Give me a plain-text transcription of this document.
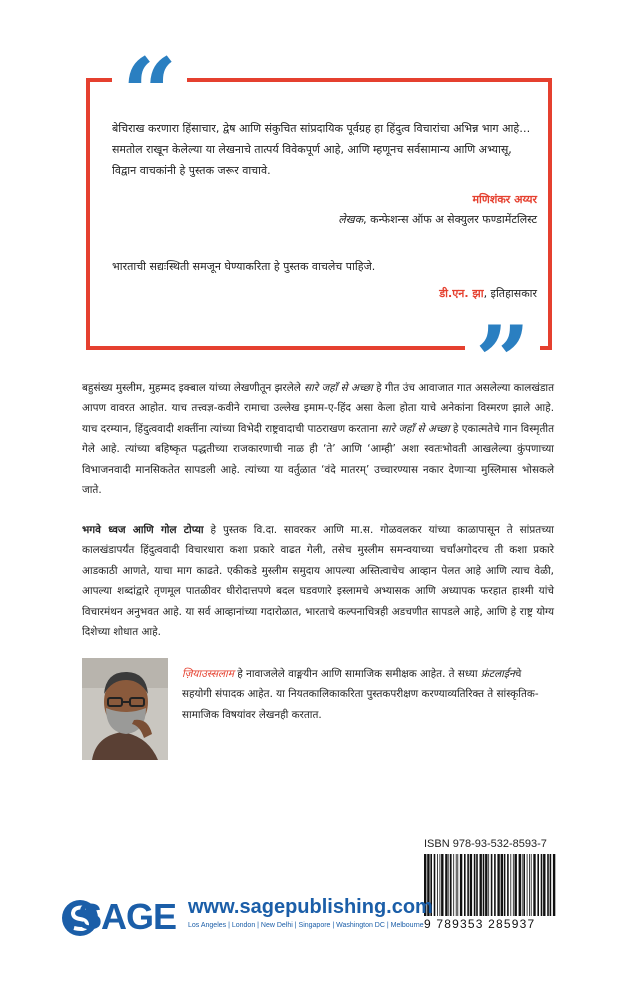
“

बेचिराख करणारा हिंसाचार, द्वेष आणि संकुचित सांप्रदायिक पूर्वग्रह हा हिंदुत्व विचारांचा अभिन्न भाग आहे… समतोल राखून केलेल्या या लेखनाचे तात्पर्य विवेकपूर्ण आहे, आणि म्हणूनच सर्वसामान्य आणि अभ्यासू, विद्वान वाचकांनी हे पुस्तक जरूर वाचावे.

मणिशंकर अय्यर
लेखक, कन्फेशन्स ऑफ अ सेक्युलर फण्डामेंटलिस्ट

भारताची सद्यःस्थिती समजून घेण्याकरिता हे पुस्तक वाचलेच पाहिजे.

डी.एन. झा, इतिहासकार

बहुसंख्य मुस्लीम, मुहम्मद इक्बाल यांच्या लेखणीतून झरलेले सारे जहाँ से अच्छा हे गीत उंच आवाजात गात असलेल्या कालखंडात आपण वावरत आहोत. याच तत्त्वज्ञ-कवीने रामाचा उल्लेख इमाम-ए-हिंद असा केला होता याचे अनेकांना विस्मरण झाले आहे. याच दरम्यान, हिंदुत्ववादी शक्तींना त्यांच्या विभेदी राष्ट्रवादाची पाठराखण करताना सारे जहाँ से अच्छा हे एकात्मतेचे गान विस्मृतीत गेले आहे. त्यांच्या बहिष्कृत पद्धतीच्या राजकारणाची नाळ ही ‘ते’ आणि ‘आम्ही’ अशा स्वतःभोवती आखलेल्या कुंपणाच्या विभाजनवादी मानसिकतेत सापडली आहे. त्यांच्या या वर्तुळात ‘वंदे मातरम्’ उच्चारण्यास नकार देणाऱ्या मुस्लिमास भोसकले जाते.

भगवे ध्वज आणि गोल टोप्या हे पुस्तक वि.दा. सावरकर आणि मा.स. गोळवलकर यांच्या काळापासून ते सांप्रतच्या कालखंडापर्यंत हिंदुत्ववादी विचारधारा कशा प्रकारे वाढत गेली, तसेच मुस्लीम समन्वयाच्या चर्चांअगोदरच ती कशा प्रकारे आडकाठी आणते, याचा माग काढते. एकीकडे मुस्लीम समुदाय आपल्या अस्तित्वाचेच आव्हान पेलत आहे आणि त्याच वेळी, आपल्या शब्दांद्वारे तृणमूल पातळीवर धीरोदात्तपणे बदल घडवणारे इस्लामचे अभ्यासक आणि अध्यापक फरहात हाश्मी यांचे विचारमंथन अनुभवत आहे. या सर्व आव्हानांच्या गदारोळात, भारताचे कल्पनाचित्रही अडचणीत सापडले आहे, आणि हे राष्ट्र योग्य दिशेच्या शोधात आहे.

ज़ियाउस्सलाम हे नावाजलेले वाङ्मयीन आणि सामाजिक समीक्षक आहेत. ते सध्या फ्रंटलाईनचे सहयोगी संपादक आहेत. या नियतकालिकाकरिता पुस्तकपरीक्षण करण्याव्यतिरिक्त ते सांस्कृतिक-सामाजिक विषयांवर लेखनही करतात.

ISBN 978-93-532-8593-7
9 789353 285937
SAGE www.sagepublishing.com
Los Angeles | London | New Delhi | Singapore | Washington DC | Melbourne
